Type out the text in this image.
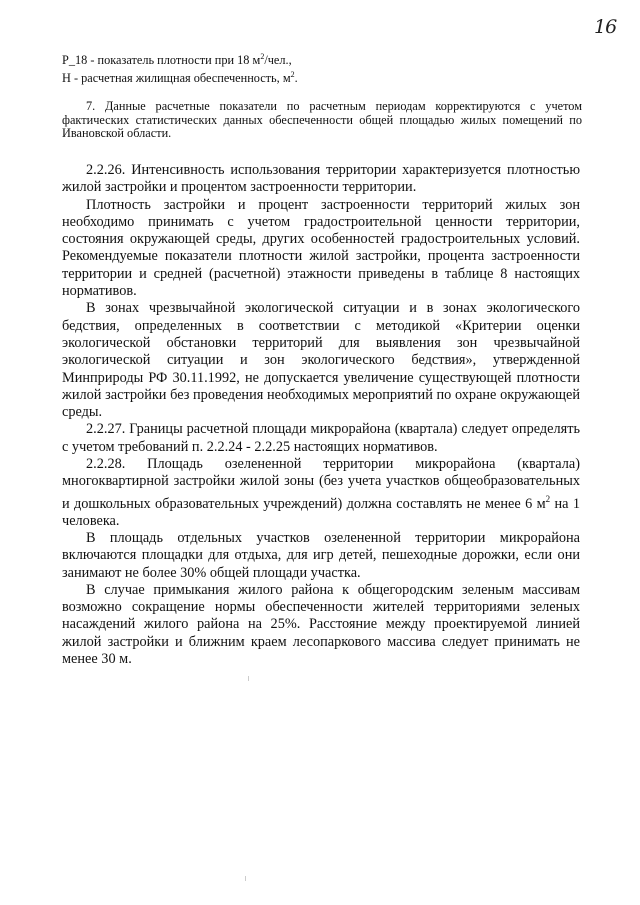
16
Р_18 - показатель плотности при 18 $м^2$/чел.,
Н - расчетная жилищная обеспеченность, $м^2$.
7. Данные расчетные показатели по расчетным периодам корректируются с учетом фактических статистических данных обеспеченности общей площадью жилых помещений по Ивановской области.

2.2.26. Интенсивность использования территории характеризуется плотностью жилой застройки и процентом застроенности территории.

Плотность застройки и процент застроенности территорий жилых зон необходимо принимать с учетом градостроительной ценности территории, состояния окружающей среды, других особенностей градостроительных условий. Рекомендуемые показатели плотности жилой застройки, процента застроенности территории и средней (расчетной) этажности приведены в таблице 8 настоящих нормативов.

В зонах чрезвычайной экологической ситуации и в зонах экологического бедствия, определенных в соответствии с методикой «Критерии оценки экологической обстановки территорий для выявления зон чрезвычайной экологической ситуации и зон экологического бедствия», утвержденной Минприроды РФ 30.11.1992, не допускается увеличение существующей плотности жилой застройки без проведения необходимых мероприятий по охране окружающей среды.

2.2.27. Границы расчетной площади микрорайона (квартала) следует определять с учетом требований п. 2.2.24 - 2.2.25 настоящих нормативов.

2.2.28. Площадь озелененной территории микрорайона (квартала) многоквартирной застройки жилой зоны (без учета участков общеобразовательных и дошкольных образовательных учреждений) должна составлять не менее 6 $м^2$ на 1 человека.

В площадь отдельных участков озелененной территории микрорайона включаются площадки для отдыха, для игр детей, пешеходные дорожки, если они занимают не более 30% общей площади участка.

В случае примыкания жилого района к общегородским зеленым массивам возможно сокращение нормы обеспеченности жителей территориями зеленых насаждений жилого района на 25%. Расстояние между проектируемой линией жилой застройки и ближним краем лесопаркового массива следует принимать не менее 30 м.
